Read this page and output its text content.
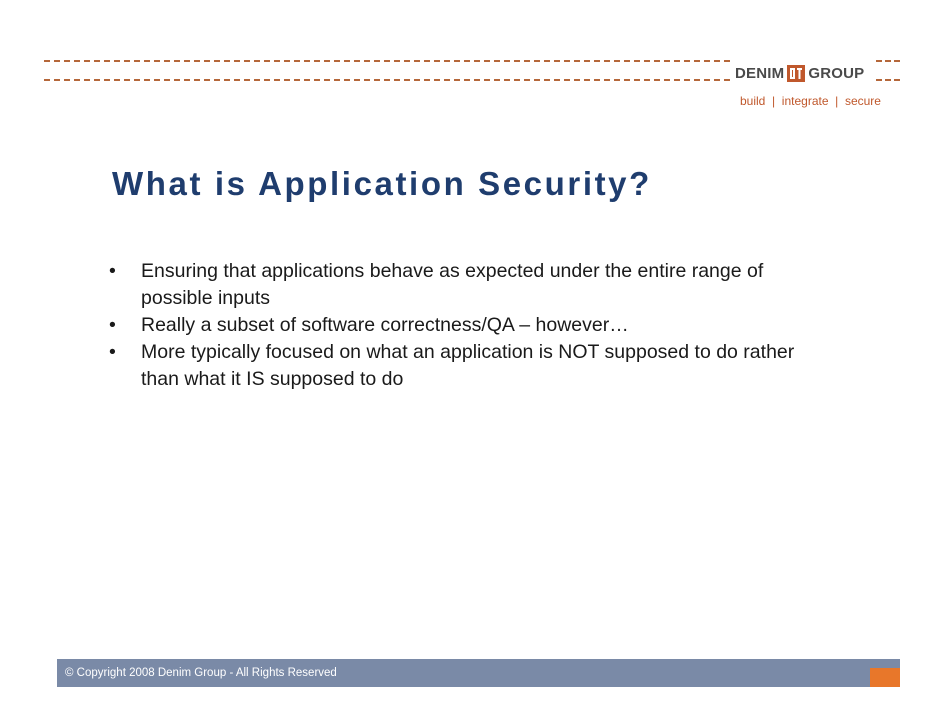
DENIM GROUP
build  |  integrate  |  secure
What is Application Security?
• Ensuring that applications behave as expected under the entire range of possible inputs
• Really a subset of software correctness/QA – however…
• More typically focused on what an application is NOT supposed to do rather than what it IS supposed to do
© Copyright 2008 Denim Group - All Rights Reserved
